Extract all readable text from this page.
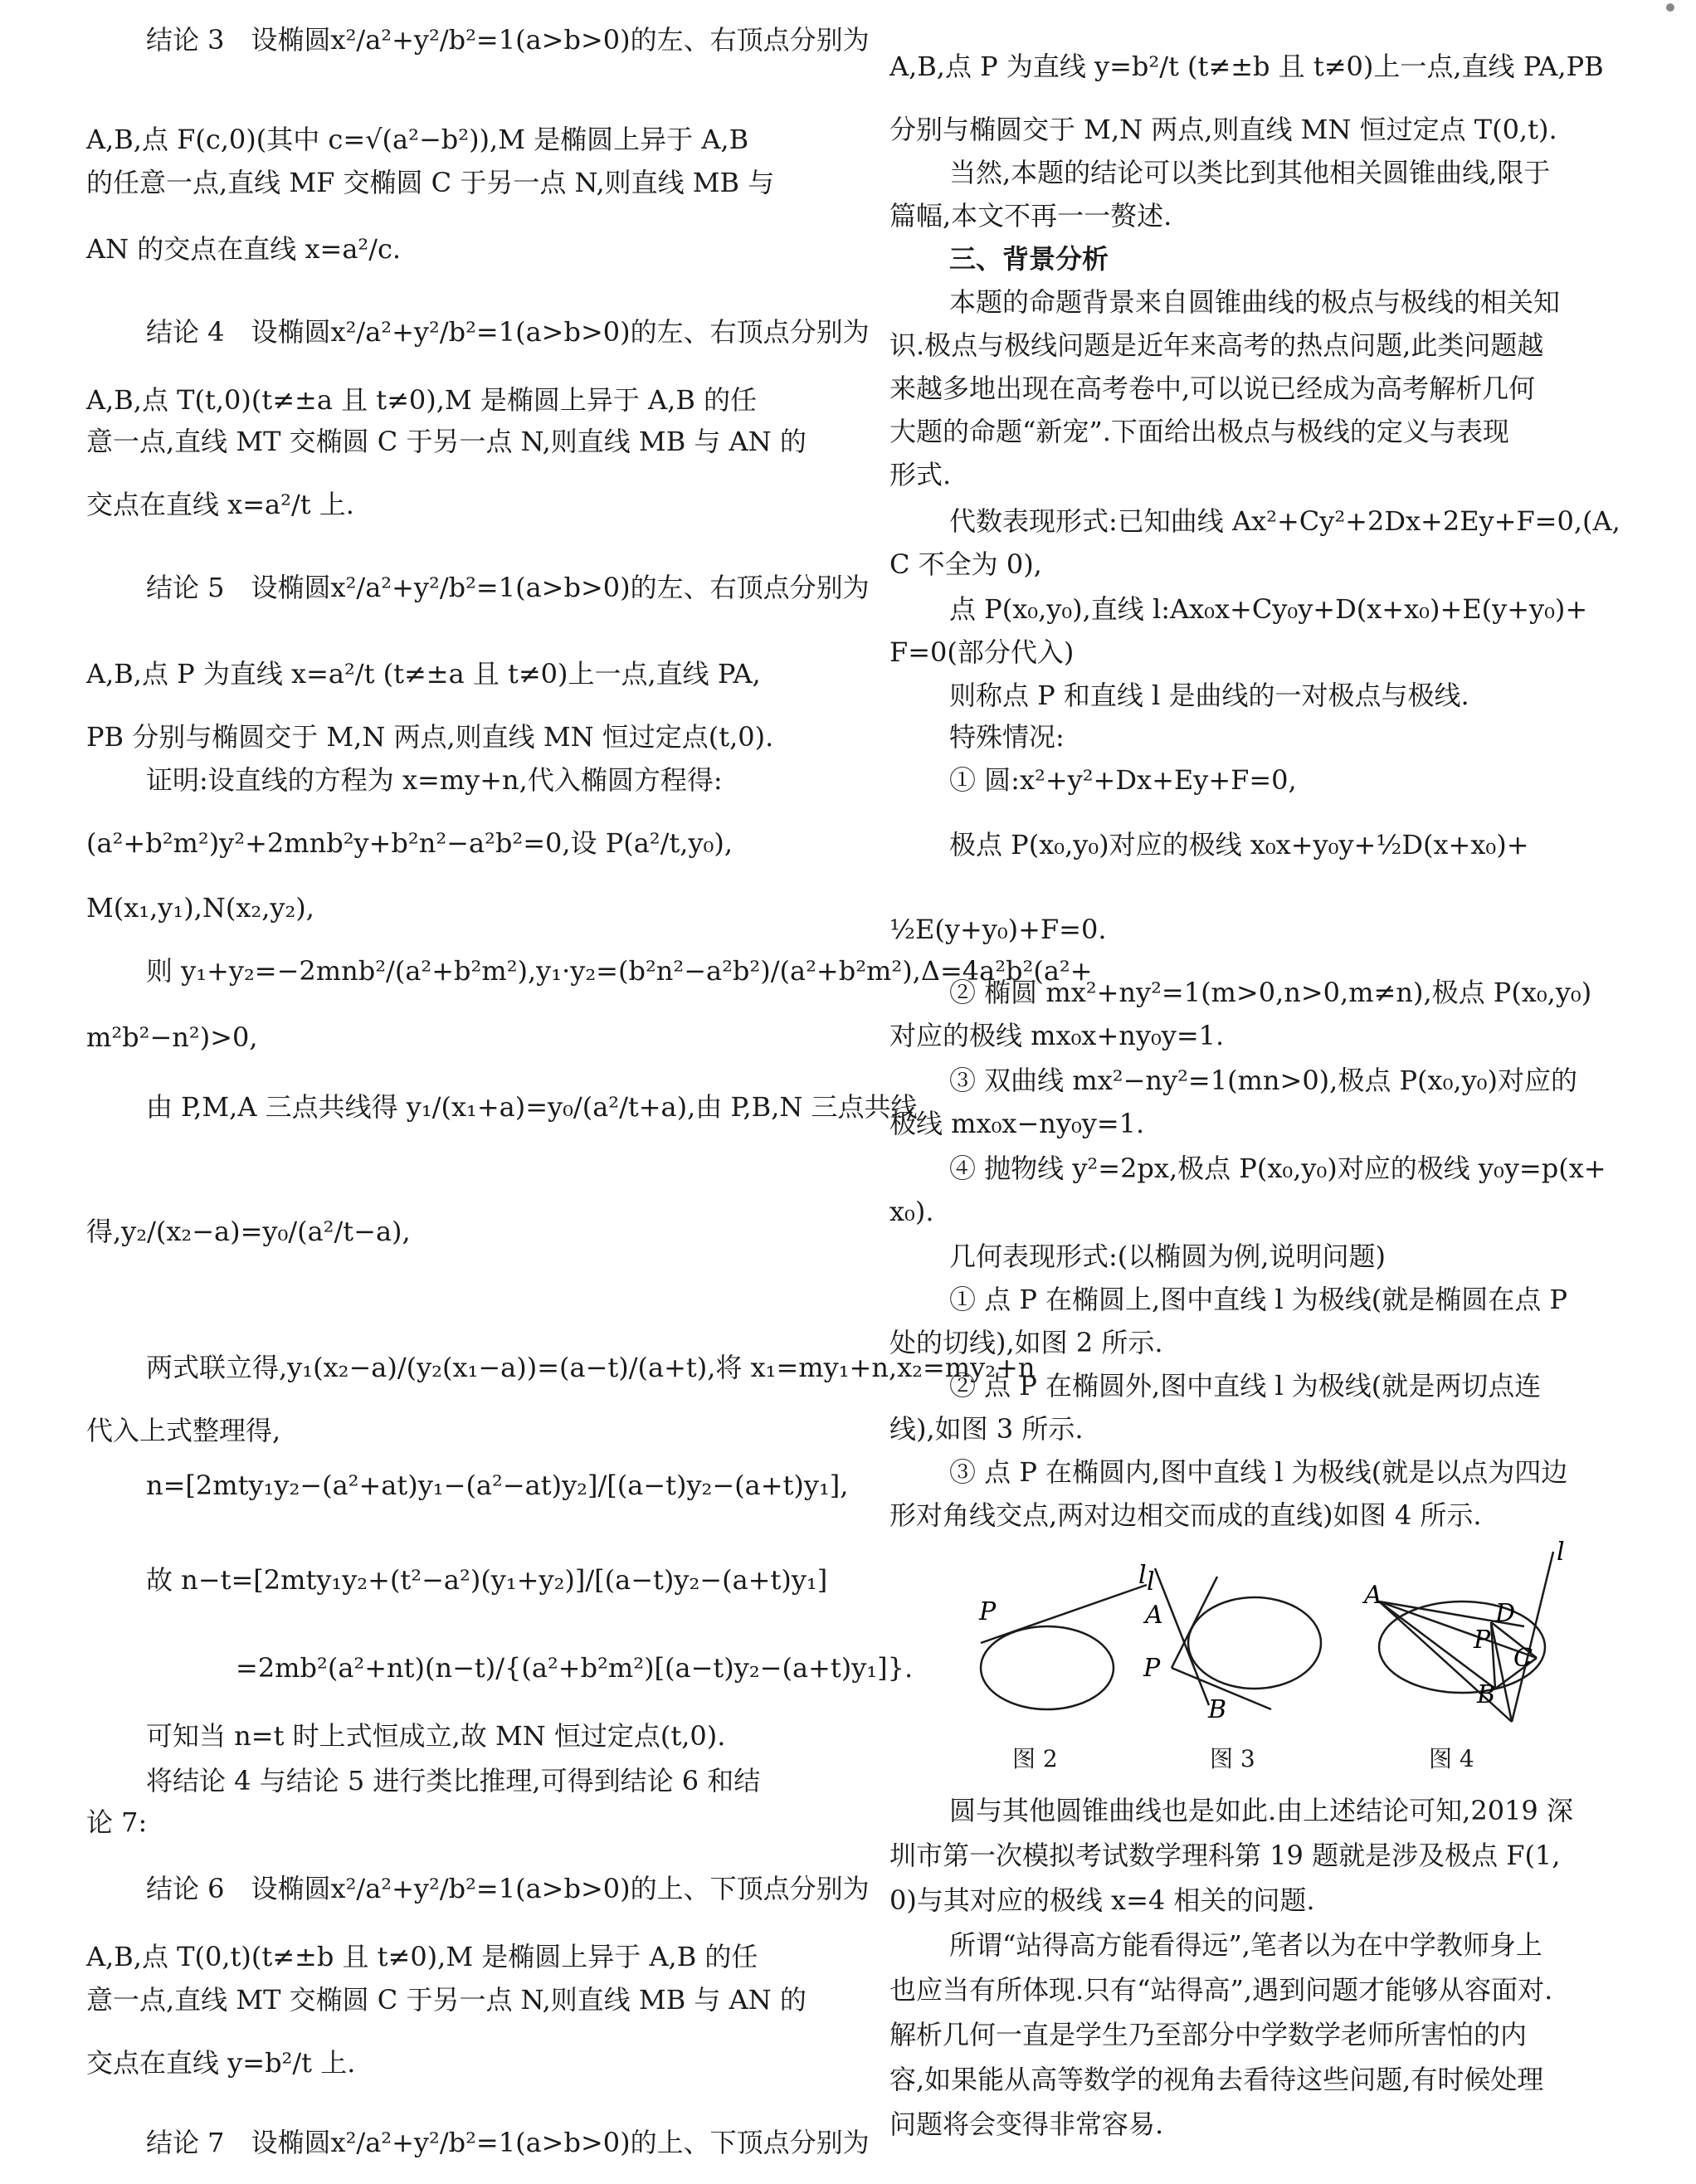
结论 3　设椭圆x²/a²+y²/b²=1(a>b>0)的左、右顶点分别为
A,B,点 F(c,0)(其中 c=√(a²−b²)),M 是椭圆上异于 A,B
的任意一点,直线 MF 交椭圆 C 于另一点 N,则直线 MB 与
AN 的交点在直线 x=a²/c.
结论 4　设椭圆x²/a²+y²/b²=1(a>b>0)的左、右顶点分别为
A,B,点 T(t,0)(t≠±a 且 t≠0),M 是椭圆上异于 A,B 的任
意一点,直线 MT 交椭圆 C 于另一点 N,则直线 MB 与 AN 的
交点在直线 x=a²/t 上.
结论 5　设椭圆x²/a²+y²/b²=1(a>b>0)的左、右顶点分别为
A,B,点 P 为直线 x=a²/t (t≠±a 且 t≠0)上一点,直线 PA,
PB 分别与椭圆交于 M,N 两点,则直线 MN 恒过定点(t,0).
证明:设直线的方程为 x=my+n,代入椭圆方程得:
(a²+b²m²)y²+2mnb²y+b²n²−a²b²=0,设 P(a²/t,y₀),
M(x₁,y₁),N(x₂,y₂),
则 y₁+y₂=−2mnb²/(a²+b²m²),y₁·y₂=(b²n²−a²b²)/(a²+b²m²),Δ=4a²b²(a²+
m²b²−n²)>0,
由 P,M,A 三点共线得 y₁/(x₁+a)=y₀/(a²/t+a),由 P,B,N 三点共线
得,y₂/(x₂−a)=y₀/(a²/t−a),
两式联立得,y₁(x₂−a)/(y₂(x₁−a))=(a−t)/(a+t),将 x₁=my₁+n,x₂=my₂+n
代入上式整理得,
n=[2mty₁y₂−(a²+at)y₁−(a²−at)y₂]/[(a−t)y₂−(a+t)y₁],
故 n−t=[2mty₁y₂+(t²−a²)(y₁+y₂)]/[(a−t)y₂−(a+t)y₁]
=2mb²(a²+nt)(n−t)/{(a²+b²m²)[(a−t)y₂−(a+t)y₁]}.
可知当 n=t 时上式恒成立,故 MN 恒过定点(t,0).
将结论 4 与结论 5 进行类比推理,可得到结论 6 和结
论 7:
结论 6　设椭圆x²/a²+y²/b²=1(a>b>0)的上、下顶点分别为
A,B,点 T(0,t)(t≠±b 且 t≠0),M 是椭圆上异于 A,B 的任
意一点,直线 MT 交椭圆 C 于另一点 N,则直线 MB 与 AN 的
交点在直线 y=b²/t 上.
结论 7　设椭圆x²/a²+y²/b²=1(a>b>0)的上、下顶点分别为
A,B,点 P 为直线 y=b²/t (t≠±b 且 t≠0)上一点,直线 PA,PB
分别与椭圆交于 M,N 两点,则直线 MN 恒过定点 T(0,t).
当然,本题的结论可以类比到其他相关圆锥曲线,限于
篇幅,本文不再一一赘述.
三、背景分析
本题的命题背景来自圆锥曲线的极点与极线的相关知
识.极点与极线问题是近年来高考的热点问题,此类问题越
来越多地出现在高考卷中,可以说已经成为高考解析几何
大题的命题“新宠”.下面给出极点与极线的定义与表现
形式.
代数表现形式:已知曲线 Ax²+Cy²+2Dx+2Ey+F=0,(A,
C 不全为 0),
点 P(x₀,y₀),直线 l:Ax₀x+Cy₀y+D(x+x₀)+E(y+y₀)+
F=0(部分代入)
则称点 P 和直线 l 是曲线的一对极点与极线.
特殊情况:
① 圆:x²+y²+Dx+Ey+F=0,
极点 P(x₀,y₀)对应的极线 x₀x+y₀y+½D(x+x₀)+
½E(y+y₀)+F=0.
② 椭圆 mx²+ny²=1(m>0,n>0,m≠n),极点 P(x₀,y₀)
对应的极线 mx₀x+ny₀y=1.
③ 双曲线 mx²−ny²=1(mn>0),极点 P(x₀,y₀)对应的
极线 mx₀x−ny₀y=1.
④ 抛物线 y²=2px,极点 P(x₀,y₀)对应的极线 y₀y=p(x+
x₀).
几何表现形式:(以椭圆为例,说明问题)
① 点 P 在椭圆上,图中直线 l 为极线(就是椭圆在点 P
处的切线),如图 2 所示.
② 点 P 在椭圆外,图中直线 l 为极线(就是两切点连
线),如图 3 所示.
③ 点 P 在椭圆内,图中直线 l 为极线(就是以点为四边
形对角线交点,两对边相交而成的直线)如图 4 所示.
P
l
图 2
l
A
P
B
图 3
A
D
P
C
B
l
图 4
圆与其他圆锥曲线也是如此.由上述结论可知,2019 深
圳市第一次模拟考试数学理科第 19 题就是涉及极点 F(1,
0)与其对应的极线 x=4 相关的问题.
所谓“站得高方能看得远”,笔者以为在中学教师身上
也应当有所体现.只有“站得高”,遇到问题才能够从容面对.
解析几何一直是学生乃至部分中学数学老师所害怕的内
容,如果能从高等数学的视角去看待这些问题,有时候处理
问题将会变得非常容易.
